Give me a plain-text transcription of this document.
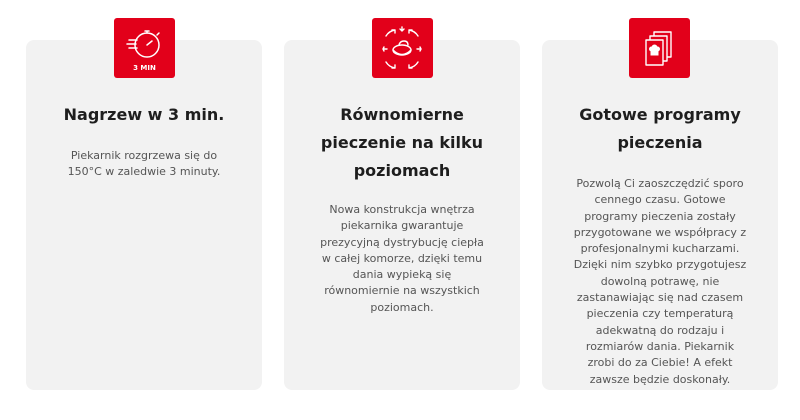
3 MIN
Nagrzew w 3 min.	Równomierne
pieczenie na kilku
poziomach
Gotowe programy
pieczenia
Piekarnik rozgrzewa się do
150°C w zaledwie 3 minuty.
Nowa konstrukcja wnętrza
piekarnika gwarantuje
prezycyjną dystrybucję ciepła
w całej komorze, dzięki temu
dania wypieką się
równomiernie na wszystkich
poziomach.
Pozwolą Ci zaoszczędzić sporo
cennego czasu. Gotowe
programy pieczenia zostały
przygotowane we współpracy z
profesjonalnymi kucharzami.
Dzięki nim szybko przygotujesz
dowolną potrawę, nie
zastanawiając się nad czasem
pieczenia czy temperaturą
adekwatną do rodzaju i
rozmiarów dania. Piekarnik
zrobi do za Ciebie! A efekt
zawsze będzie doskonały.
